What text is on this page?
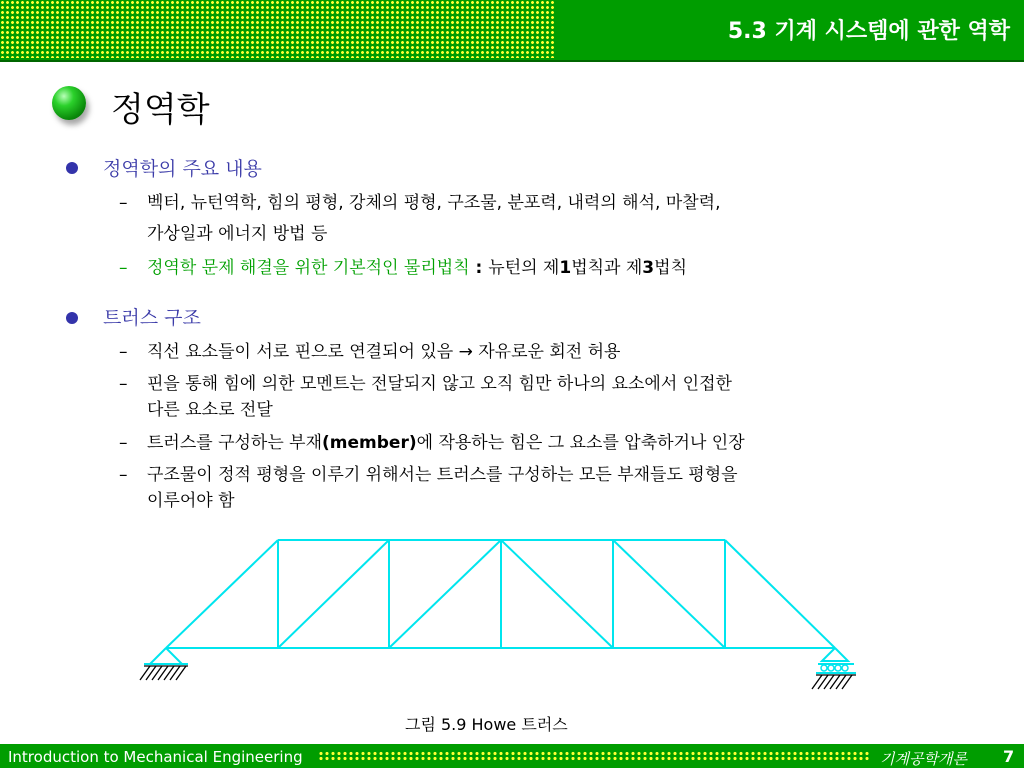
5.3 기계 시스템에 관한 역학
정역학
정역학의 주요 내용
– 벡터, 뉴턴역학, 힘의 평형, 강체의 평형, 구조물, 분포력, 내력의 해석, 마찰력,
가상일과 에너지 방법 등
– 정역학 문제 해결을 위한 기본적인 물리법칙 : 뉴턴의 제1법칙과 제3법칙
트러스 구조
– 직선 요소들이 서로 핀으로 연결되어 있음 → 자유로운 회전 허용
– 핀을 통해 힘에 의한 모멘트는 전달되지 않고 오직 힘만 하나의 요소에서 인접한
다른 요소로 전달
– 트러스를 구성하는 부재(member)에 작용하는 힘은 그 요소를 압축하거나 인장
– 구조물이 정적 평형을 이루기 위해서는 트러스를 구성하는 모든 부재들도 평형을
이루어야 함
그림 5.9 Howe 트러스
Introduction to Mechanical Engineering	기계공학개론 7
